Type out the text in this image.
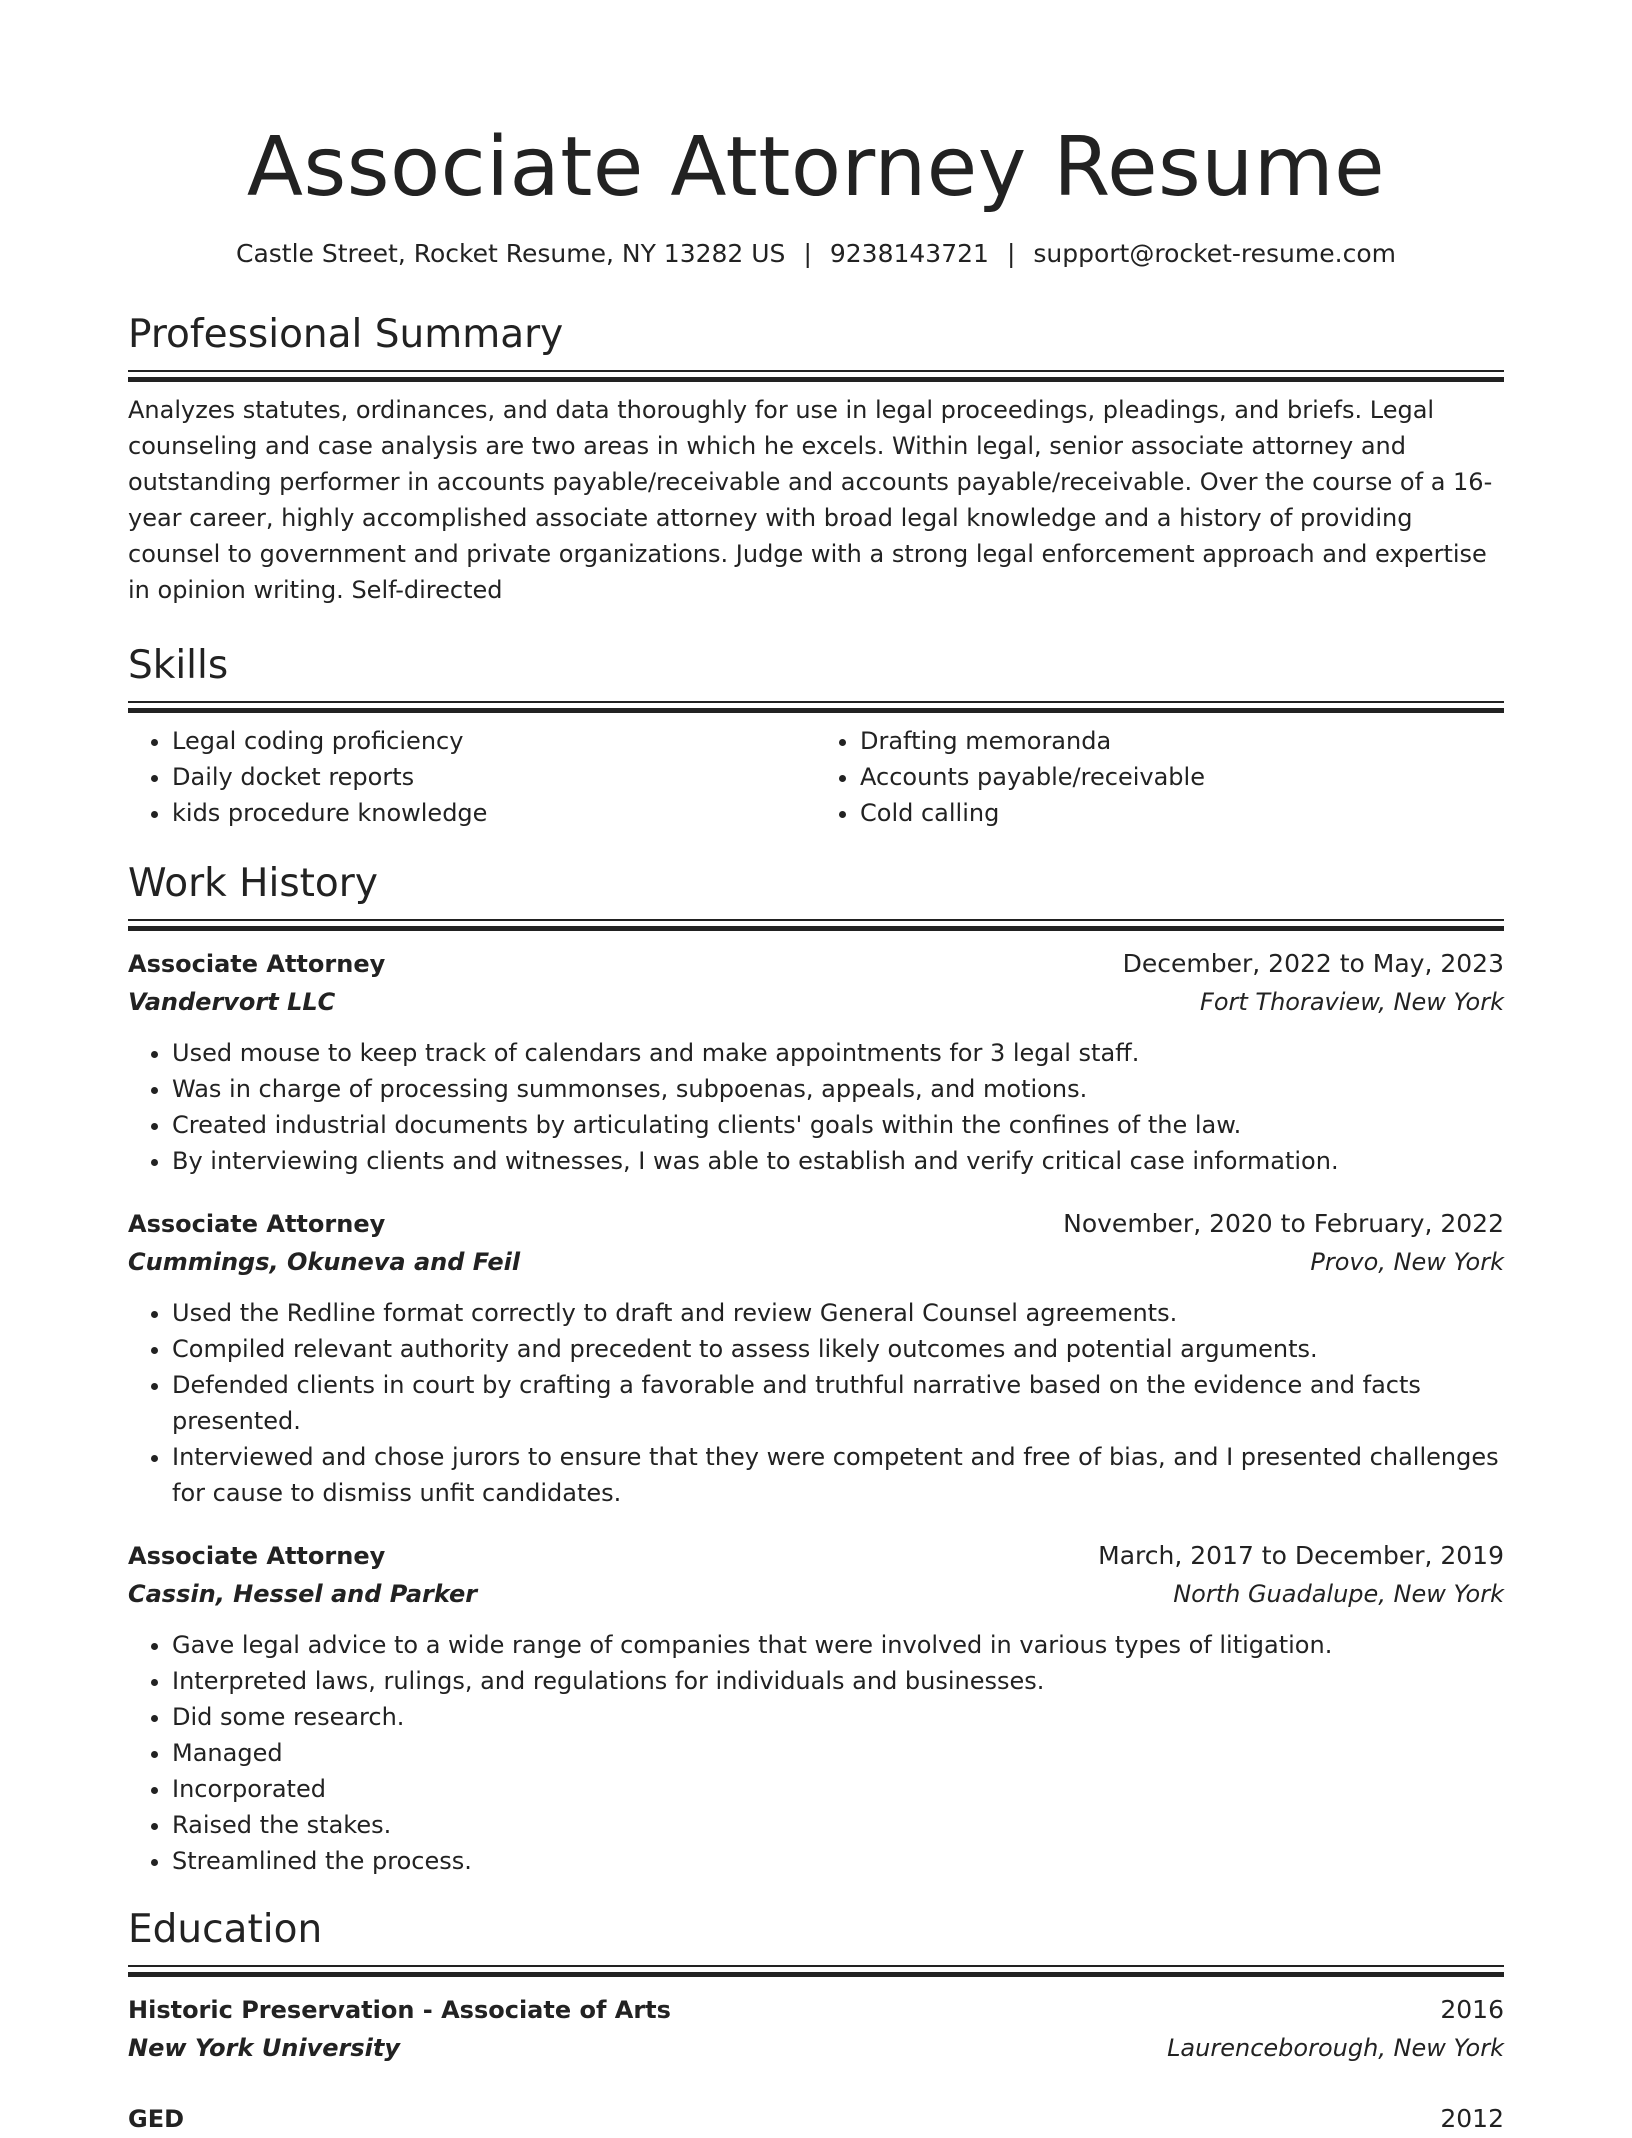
Associate Attorney Resume
Castle Street, Rocket Resume, NY 13282 US | 9238143721 | support@rocket-resume.com
Professional Summary

Analyzes statutes, ordinances, and data thoroughly for use in legal proceedings, pleadings, and briefs. Legal counseling and case analysis are two areas in which he excels. Within legal, senior associate attorney and outstanding performer in accounts payable/receivable and accounts payable/receivable. Over the course of a 16-year career, highly accomplished associate attorney with broad legal knowledge and a history of providing counsel to government and private organizations. Judge with a strong legal enforcement approach and expertise in opinion writing. Self-directed

Skills
• Legal coding proficiency
• Daily docket reports
• kids procedure knowledge
• Drafting memoranda
• Accounts payable/receivable
• Cold calling
Work History
Associate Attorney	December, 2022 to May, 2023
Vandervort LLC	Fort Thoraview, New York
• Used mouse to keep track of calendars and make appointments for 3 legal staff.
• Was in charge of processing summonses, subpoenas, appeals, and motions.
• Created industrial documents by articulating clients' goals within the confines of the law.
• By interviewing clients and witnesses, I was able to establish and verify critical case information.
Associate Attorney	November, 2020 to February, 2022
Cummings, Okuneva and Feil	Provo, New York
• Used the Redline format correctly to draft and review General Counsel agreements.
• Compiled relevant authority and precedent to assess likely outcomes and potential arguments.
• Defended clients in court by crafting a favorable and truthful narrative based on the evidence and facts presented.
• Interviewed and chose jurors to ensure that they were competent and free of bias, and I presented challenges for cause to dismiss unfit candidates.
Associate Attorney	March, 2017 to December, 2019
Cassin, Hessel and Parker	North Guadalupe, New York
• Gave legal advice to a wide range of companies that were involved in various types of litigation.
• Interpreted laws, rulings, and regulations for individuals and businesses.
• Did some research.
• Managed
• Incorporated
• Raised the stakes.
• Streamlined the process.
Education
Historic Preservation - Associate of Arts	2016
New York University	Laurenceborough, New York
GED	2012
